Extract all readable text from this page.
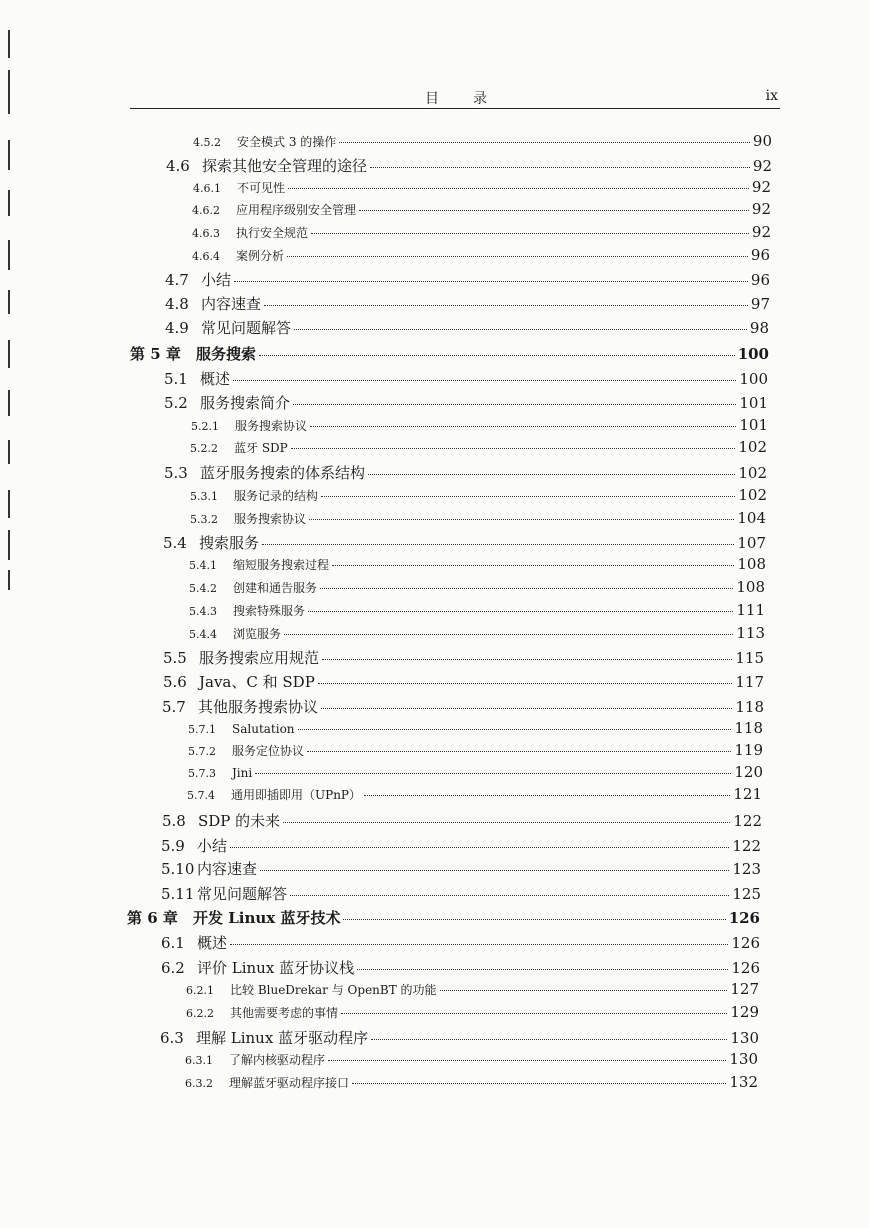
目录	ix
4.5.2	安全模式 3 的操作	90
4.6 探索其他安全管理的途径	92
4.6.1	不可见性	92
4.6.2	应用程序级别安全管理	92
4.6.3	执行安全规范	92
4.6.4	案例分析	96
4.7 小结	96
4.8 内容速查	97
4.9 常见问题解答	98
第 5 章	服务搜索	100
5.1 概述	100
5.2 服务搜索简介	101
5.2.1	服务搜索协议	101
5.2.2	蓝牙 SDP	102
5.3 蓝牙服务搜索的体系结构	102
5.3.1	服务记录的结构	102
5.3.2	服务搜索协议	104
5.4 搜索服务	107
5.4.1	缩短服务搜索过程	108
5.4.2	创建和通告服务	108
5.4.3	搜索特殊服务	111
5.4.4	浏览服务	113
5.5 服务搜索应用规范	115
5.6 Java、C 和 SDP	117
5.7 其他服务搜索协议	118
5.7.1	Salutation	118
5.7.2	服务定位协议	119
5.7.3	Jini	120
5.7.4	通用即插即用（UPnP）	121
5.8 SDP 的未来	122
5.9 小结	122
5.10 内容速查	123
5.11 常见问题解答	125
第 6 章	开发 Linux 蓝牙技术	126
6.1 概述	126
6.2 评价 Linux 蓝牙协议栈	126
6.2.1	比较 BlueDrekar 与 OpenBT 的功能	127
6.2.2	其他需要考虑的事情	129
6.3 理解 Linux 蓝牙驱动程序	130
6.3.1	了解内核驱动程序	130
6.3.2	理解蓝牙驱动程序接口	132
